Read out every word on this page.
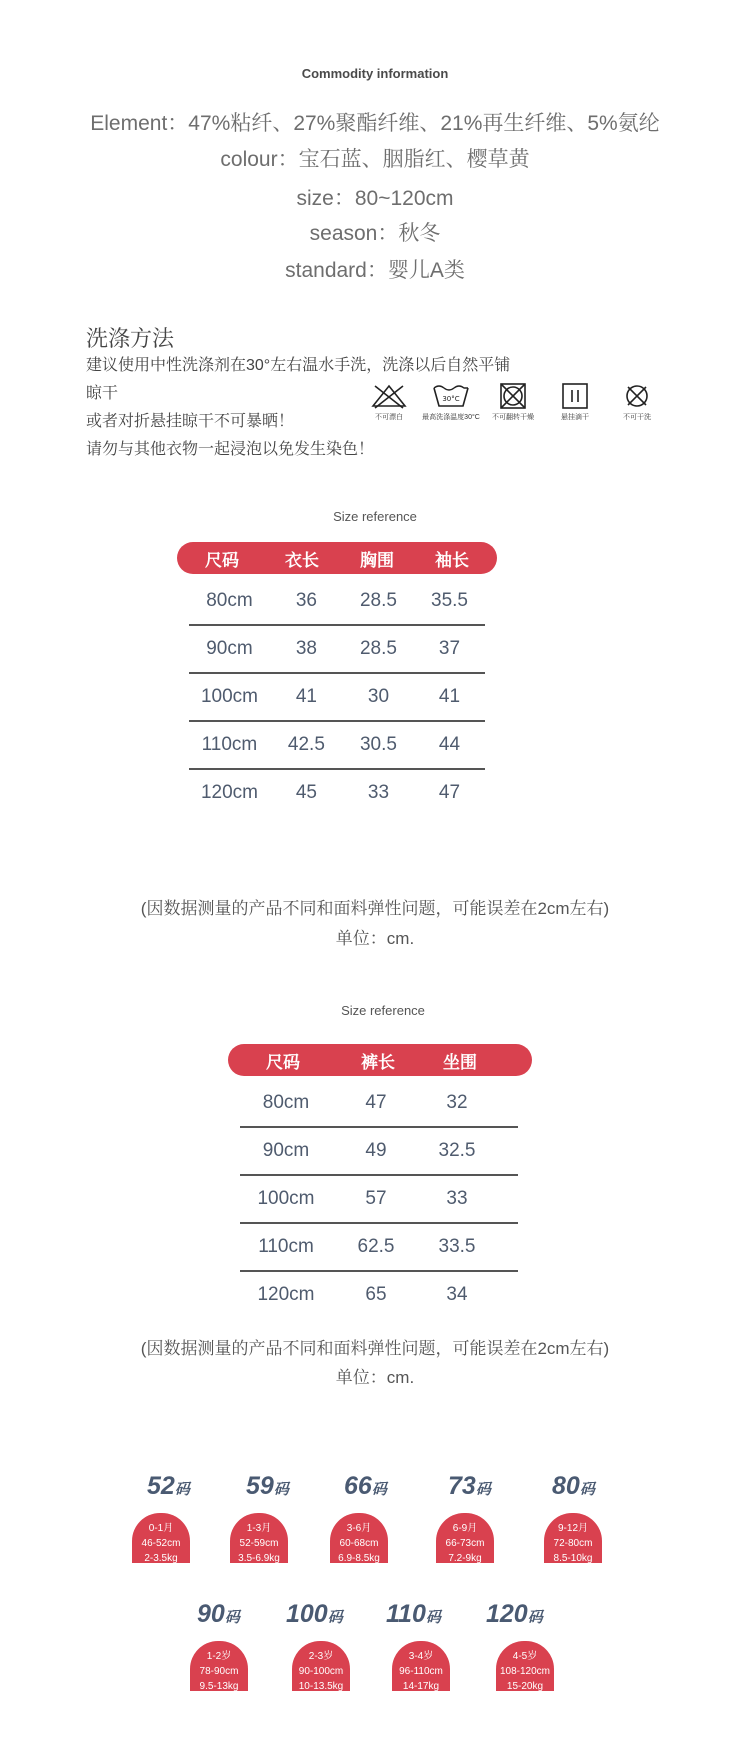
Commodity information
Element：47%粘纤、27%聚酯纤维、21%再生纤维、5%氨纶
colour：宝石蓝、胭脂红、樱草黄
size：80~120cm
season：秋冬
standard：婴儿A类
洗涤方法
建议使用中性洗涤剂在30°左右温水手洗，洗涤以后自然平铺晾干
或者对折悬挂晾干不可暴晒！
请勿与其他衣物一起浸泡以免发生染色！
不可漂白
30°C
最高洗涤温度30°C	不可翻转干燥	悬挂滴干	不可干洗
Size reference
尺码	衣长	胸围	袖长
80cm	36	28.5	35.5
90cm	38	28.5	37
100cm	41	30	41
110cm	42.5	30.5	44
120cm	45	33	47
(因数据测量的产品不同和面料弹性问题，可能误差在2cm左右)
单位：cm.
Size reference
尺码	裤长	坐围
80cm	47	32
90cm	49	32.5
100cm	57	33
110cm	62.5	33.5
120cm	65	34
(因数据测量的产品不同和面料弹性问题，可能误差在2cm左右)
单位：cm.
52码
0-1月
46-52cm
2-3.5kg
59码
1-3月
52-59cm
3.5-6.9kg
66码
3-6月
60-68cm
6.9-8.5kg
73码
6-9月
66-73cm
7.2-9kg
80码
9-12月
72-80cm
8.5-10kg
90码
1-2岁
78-90cm
9.5-13kg
100码
2-3岁
90-100cm
10-13.5kg
110码
3-4岁
96-110cm
14-17kg
120码
4-5岁
108-120cm
15-20kg
